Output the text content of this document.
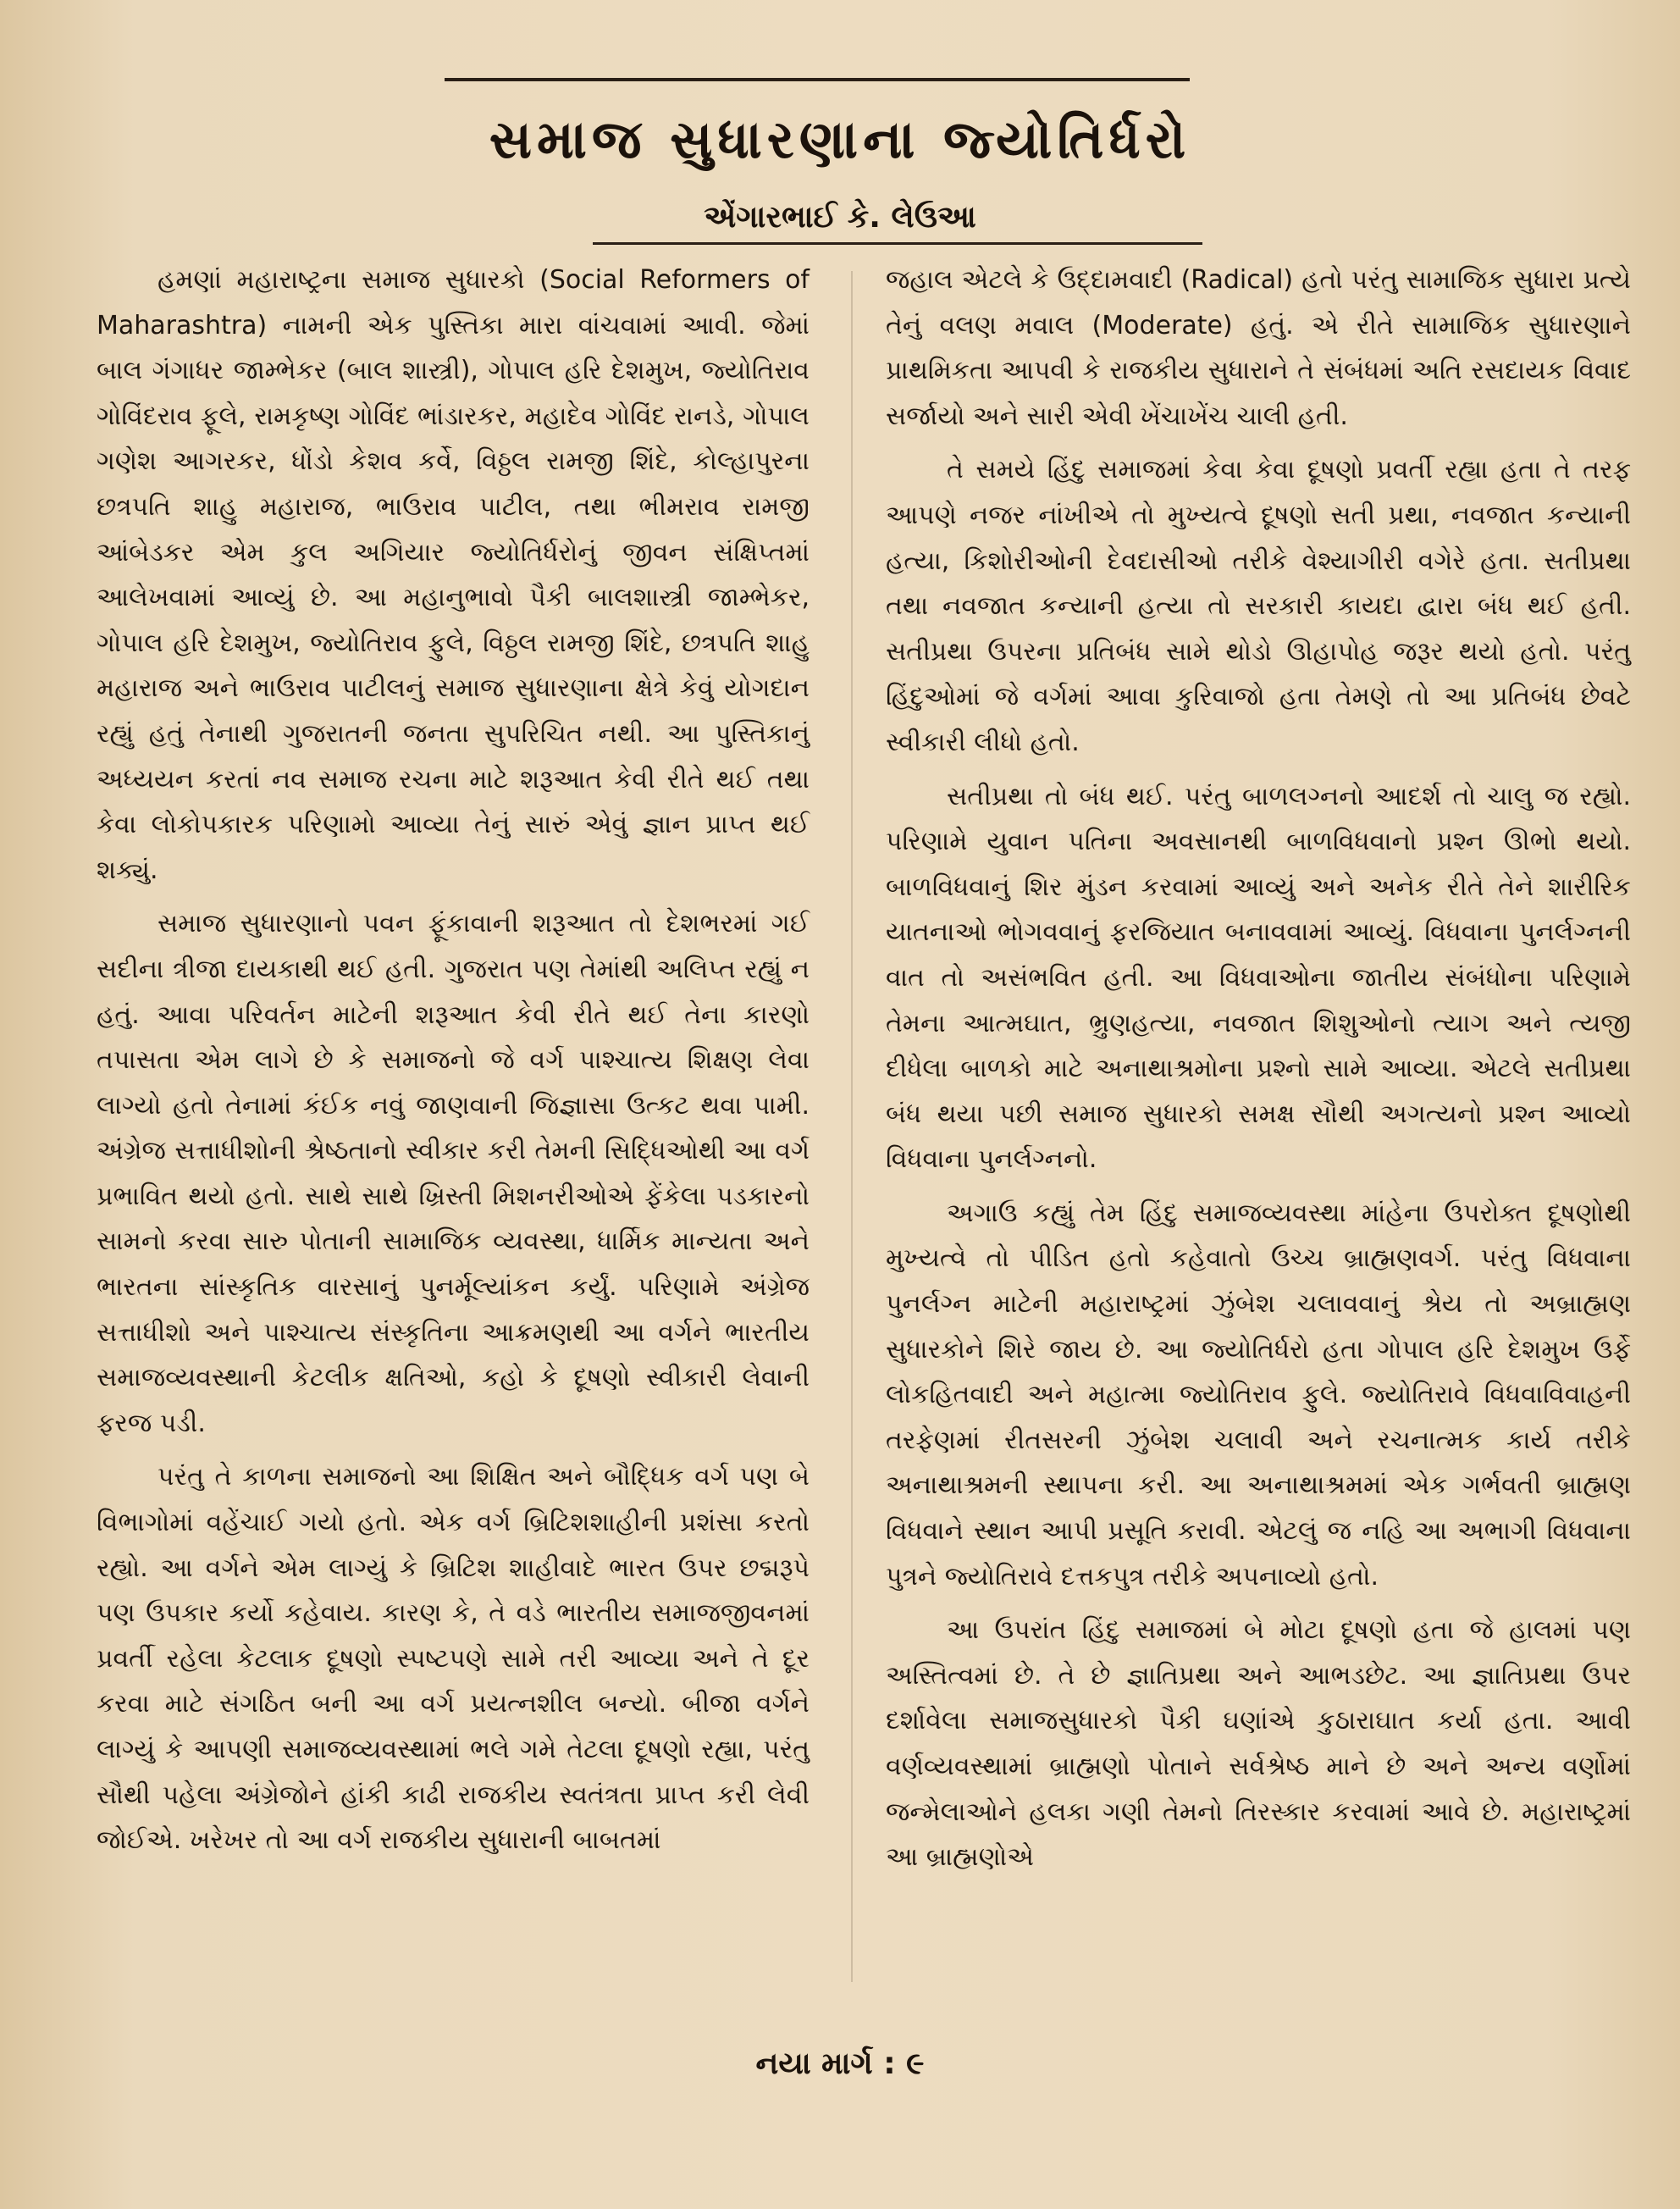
સમાજ સુધારણાના જ્યોતિર્ધરો
એંગારભાઈ કે. લેઉઆ

હમણાં મહારાષ્ટ્રના સમાજ સુધારકો (Social Reformers of Maharashtra) નામની એક પુસ્તિકા મારા વાંચવામાં આવી. જેમાં બાલ ગંગાધર જામ્ભેકર (બાલ શાસ્ત્રી), ગોપાલ હરિ દેશમુખ, જ્યોતિરાવ ગોવિંદરાવ ફૂલે, રામકૃષ્ણ ગોવિંદ ભાંડારકર, મહાદેવ ગોવિંદ રાનડે, ગોપાલ ગણેશ આગરકર, ધોંડો કેશવ કર્વે, વિઠ્ઠલ રામજી શિંદે, કોલ્હાપુરના છત્રપતિ શાહુ મહારાજ, ભાઉરાવ પાટીલ, તથા ભીમરાવ રામજી આંબેડકર એમ કુલ અગિયાર જ્યોતિર્ધરોનું જીવન સંક્ષિપ્તમાં આલેખવામાં આવ્યું છે. આ મહાનુભાવો પૈકી બાલશાસ્ત્રી જામ્ભેકર, ગોપાલ હરિ દેશમુખ, જ્યોતિરાવ ફુલે, વિઠ્ઠલ રામજી શિંદે, છત્રપતિ શાહુ મહારાજ અને ભાઉરાવ પાટીલનું સમાજ સુધારણાના ક્ષેત્રે કેવું યોગદાન રહ્યું હતું તેનાથી ગુજરાતની જનતા સુપરિચિત નથી. આ પુસ્તિકાનું અધ્યયન કરતાં નવ સમાજ રચના માટે શરૂઆત કેવી રીતે થઈ તથા કેવા લોકોપકારક પરિણામો આવ્યા તેનું સારું એવું જ્ઞાન પ્રાપ્ત થઈ શક્યું.

સમાજ સુધારણાનો પવન ફૂંકાવાની શરૂઆત તો દેશભરમાં ગઈ સદીના ત્રીજા દાયકાથી થઈ હતી. ગુજરાત પણ તેમાંથી અલિપ્ત રહ્યું ન હતું. આવા પરિવર્તન માટેની શરૂઆત કેવી રીતે થઈ તેના કારણો તપાસતા એમ લાગે છે કે સમાજનો જે વર્ગ પાશ્ચાત્ય શિક્ષણ લેવા લાગ્યો હતો તેનામાં કંઈક નવું જાણવાની જિજ્ઞાસા ઉત્કટ થવા પામી. અંગ્રેજ સત્તાધીશોની શ્રેષ્ઠતાનો સ્વીકાર કરી તેમની સિદ્ધિઓથી આ વર્ગ પ્રભાવિત થયો હતો. સાથે સાથે ખ્રિસ્તી મિશનરીઓએ ફેંકેલા પડકારનો સામનો કરવા સારુ પોતાની સામાજિક વ્યવસ્થા, ધાર્મિક માન્યતા અને ભારતના સાંસ્કૃતિક વારસાનું પુનર્મૂલ્યાંકન કર્યું. પરિણામે અંગ્રેજ સત્તાધીશો અને પાશ્ચાત્ય સંસ્કૃતિના આક્રમણથી આ વર્ગને ભારતીય સમાજવ્યવસ્થાની કેટલીક ક્ષતિઓ, કહો કે દૂષણો સ્વીકારી લેવાની ફરજ પડી.

પરંતુ તે કાળના સમાજનો આ શિક્ષિત અને બૌદ્ધિક વર્ગ પણ બે વિભાગોમાં વહેંચાઈ ગયો હતો. એક વર્ગ બ્રિટિશશાહીની પ્રશંસા કરતો રહ્યો. આ વર્ગને એમ લાગ્યું કે બ્રિટિશ શાહીવાદે ભારત ઉપર છદ્મરૂપે પણ ઉપકાર કર્યો કહેવાય. કારણ કે, તે વડે ભારતીય સમાજજીવનમાં પ્રવર્તી રહેલા કેટલાક દૂષણો સ્પષ્ટપણે સામે તરી આવ્યા અને તે દૂર કરવા માટે સંગઠિત બની આ વર્ગ પ્રયત્નશીલ બન્યો. બીજા વર્ગને લાગ્યું કે આપણી સમાજવ્યવસ્થામાં ભલે ગમે તેટલા દૂષણો રહ્યા, પરંતુ સૌથી પહેલા અંગ્રેજોને હાંકી કાઢી રાજકીય સ્વતંત્રતા પ્રાપ્ત કરી લેવી જોઈએ. ખરેખર તો આ વર્ગ રાજકીય સુધારાની બાબતમાં

જહાલ એટલે કે ઉદ્દામવાદી (Radical) હતો પરંતુ સામાજિક સુધારા પ્રત્યે તેનું વલણ મવાલ (Moderate) હતું. એ રીતે સામાજિક સુધારણાને પ્રાથમિકતા આપવી કે રાજકીય સુધારાને તે સંબંધમાં અતિ રસદાયક વિવાદ સર્જાયો અને સારી એવી ખેંચાખેંચ ચાલી હતી.

તે સમયે હિંદુ સમાજમાં કેવા કેવા દૂષણો પ્રવર્તી રહ્યા હતા તે તરફ આપણે નજર નાંખીએ તો મુખ્યત્વે દૂષણો સતી પ્રથા, નવજાત કન્યાની હત્યા, કિશોરીઓની દેવદાસીઓ તરીકે વેશ્યાગીરી વગેરે હતા. સતીપ્રથા તથા નવજાત કન્યાની હત્યા તો સરકારી કાયદા દ્વારા બંધ થઈ હતી. સતીપ્રથા ઉપરના પ્રતિબંધ સામે થોડો ઊહાપોહ જરૂર થયો હતો. પરંતુ હિંદુઓમાં જે વર્ગમાં આવા કુરિવાજો હતા તેમણે તો આ પ્રતિબંધ છેવટે સ્વીકારી લીધો હતો.

સતીપ્રથા તો બંધ થઈ. પરંતુ બાળલગ્નનો આદર્શ તો ચાલુ જ રહ્યો. પરિણામે યુવાન પતિના અવસાનથી બાળવિધવાનો પ્રશ્ન ઊભો થયો. બાળવિધવાનું શિર મુંડન કરવામાં આવ્યું અને અનેક રીતે તેને શારીરિક યાતનાઓ ભોગવવાનું ફરજિયાત બનાવવામાં આવ્યું. વિધવાના પુનર્લગ્નની વાત તો અસંભવિત હતી. આ વિધવાઓના જાતીય સંબંધોના પરિણામે તેમના આત્મઘાત, ભ્રુણહત્યા, નવજાત શિશુઓનો ત્યાગ અને ત્યજી દીધેલા બાળકો માટે અનાથાશ્રમોના પ્રશ્નો સામે આવ્યા. એટલે સતીપ્રથા બંધ થયા પછી સમાજ સુધારકો સમક્ષ સૌથી અગત્યનો પ્રશ્ન આવ્યો વિધવાના પુનર્લગ્નનો.

અગાઉ કહ્યું તેમ હિંદુ સમાજવ્યવસ્થા માંહેના ઉપરોક્ત દૂષણોથી મુખ્યત્વે તો પીડિત હતો કહેવાતો ઉચ્ચ બ્રાહ્મણવર્ગ. પરંતુ વિધવાના પુનર્લગ્ન માટેની મહારાષ્ટ્રમાં ઝુંબેશ ચલાવવાનું શ્રેય તો અબ્રાહ્મણ સુધારકોને શિરે જાય છે. આ જ્યોતિર્ધરો હતા ગોપાલ હરિ દેશમુખ ઉર્ફે લોકહિતવાદી અને મહાત્મા જ્યોતિરાવ ફુલે. જ્યોતિરાવે વિધવાવિવાહની તરફેણમાં રીતસરની ઝુંબેશ ચલાવી અને રચનાત્મક કાર્ય તરીકે અનાથાશ્રમની સ્થાપના કરી. આ અનાથાશ્રમમાં એક ગર્ભવતી બ્રાહ્મણ વિધવાને સ્થાન આપી પ્રસૂતિ કરાવી. એટલું જ નહિ આ અભાગી વિધવાના પુત્રને જ્યોતિરાવે દત્તકપુત્ર તરીકે અપનાવ્યો હતો.

આ ઉપરાંત હિંદુ સમાજમાં બે મોટા દૂષણો હતા જે હાલમાં પણ અસ્તિત્વમાં છે. તે છે જ્ઞાતિપ્રથા અને આભડછેટ. આ જ્ઞાતિપ્રથા ઉપર દર્શાવેલા સમાજસુધારકો પૈકી ઘણાંએ કુઠારાઘાત કર્યા હતા. આવી વર્ણવ્યવસ્થામાં બ્રાહ્મણો પોતાને સર્વશ્રેષ્ઠ માને છે અને અન્ય વર્ણોમાં જન્મેલાઓને હલકા ગણી તેમનો તિરસ્કાર કરવામાં આવે છે. મહારાષ્ટ્રમાં આ બ્રાહ્મણોએ

નયા માર્ગ : ૯
